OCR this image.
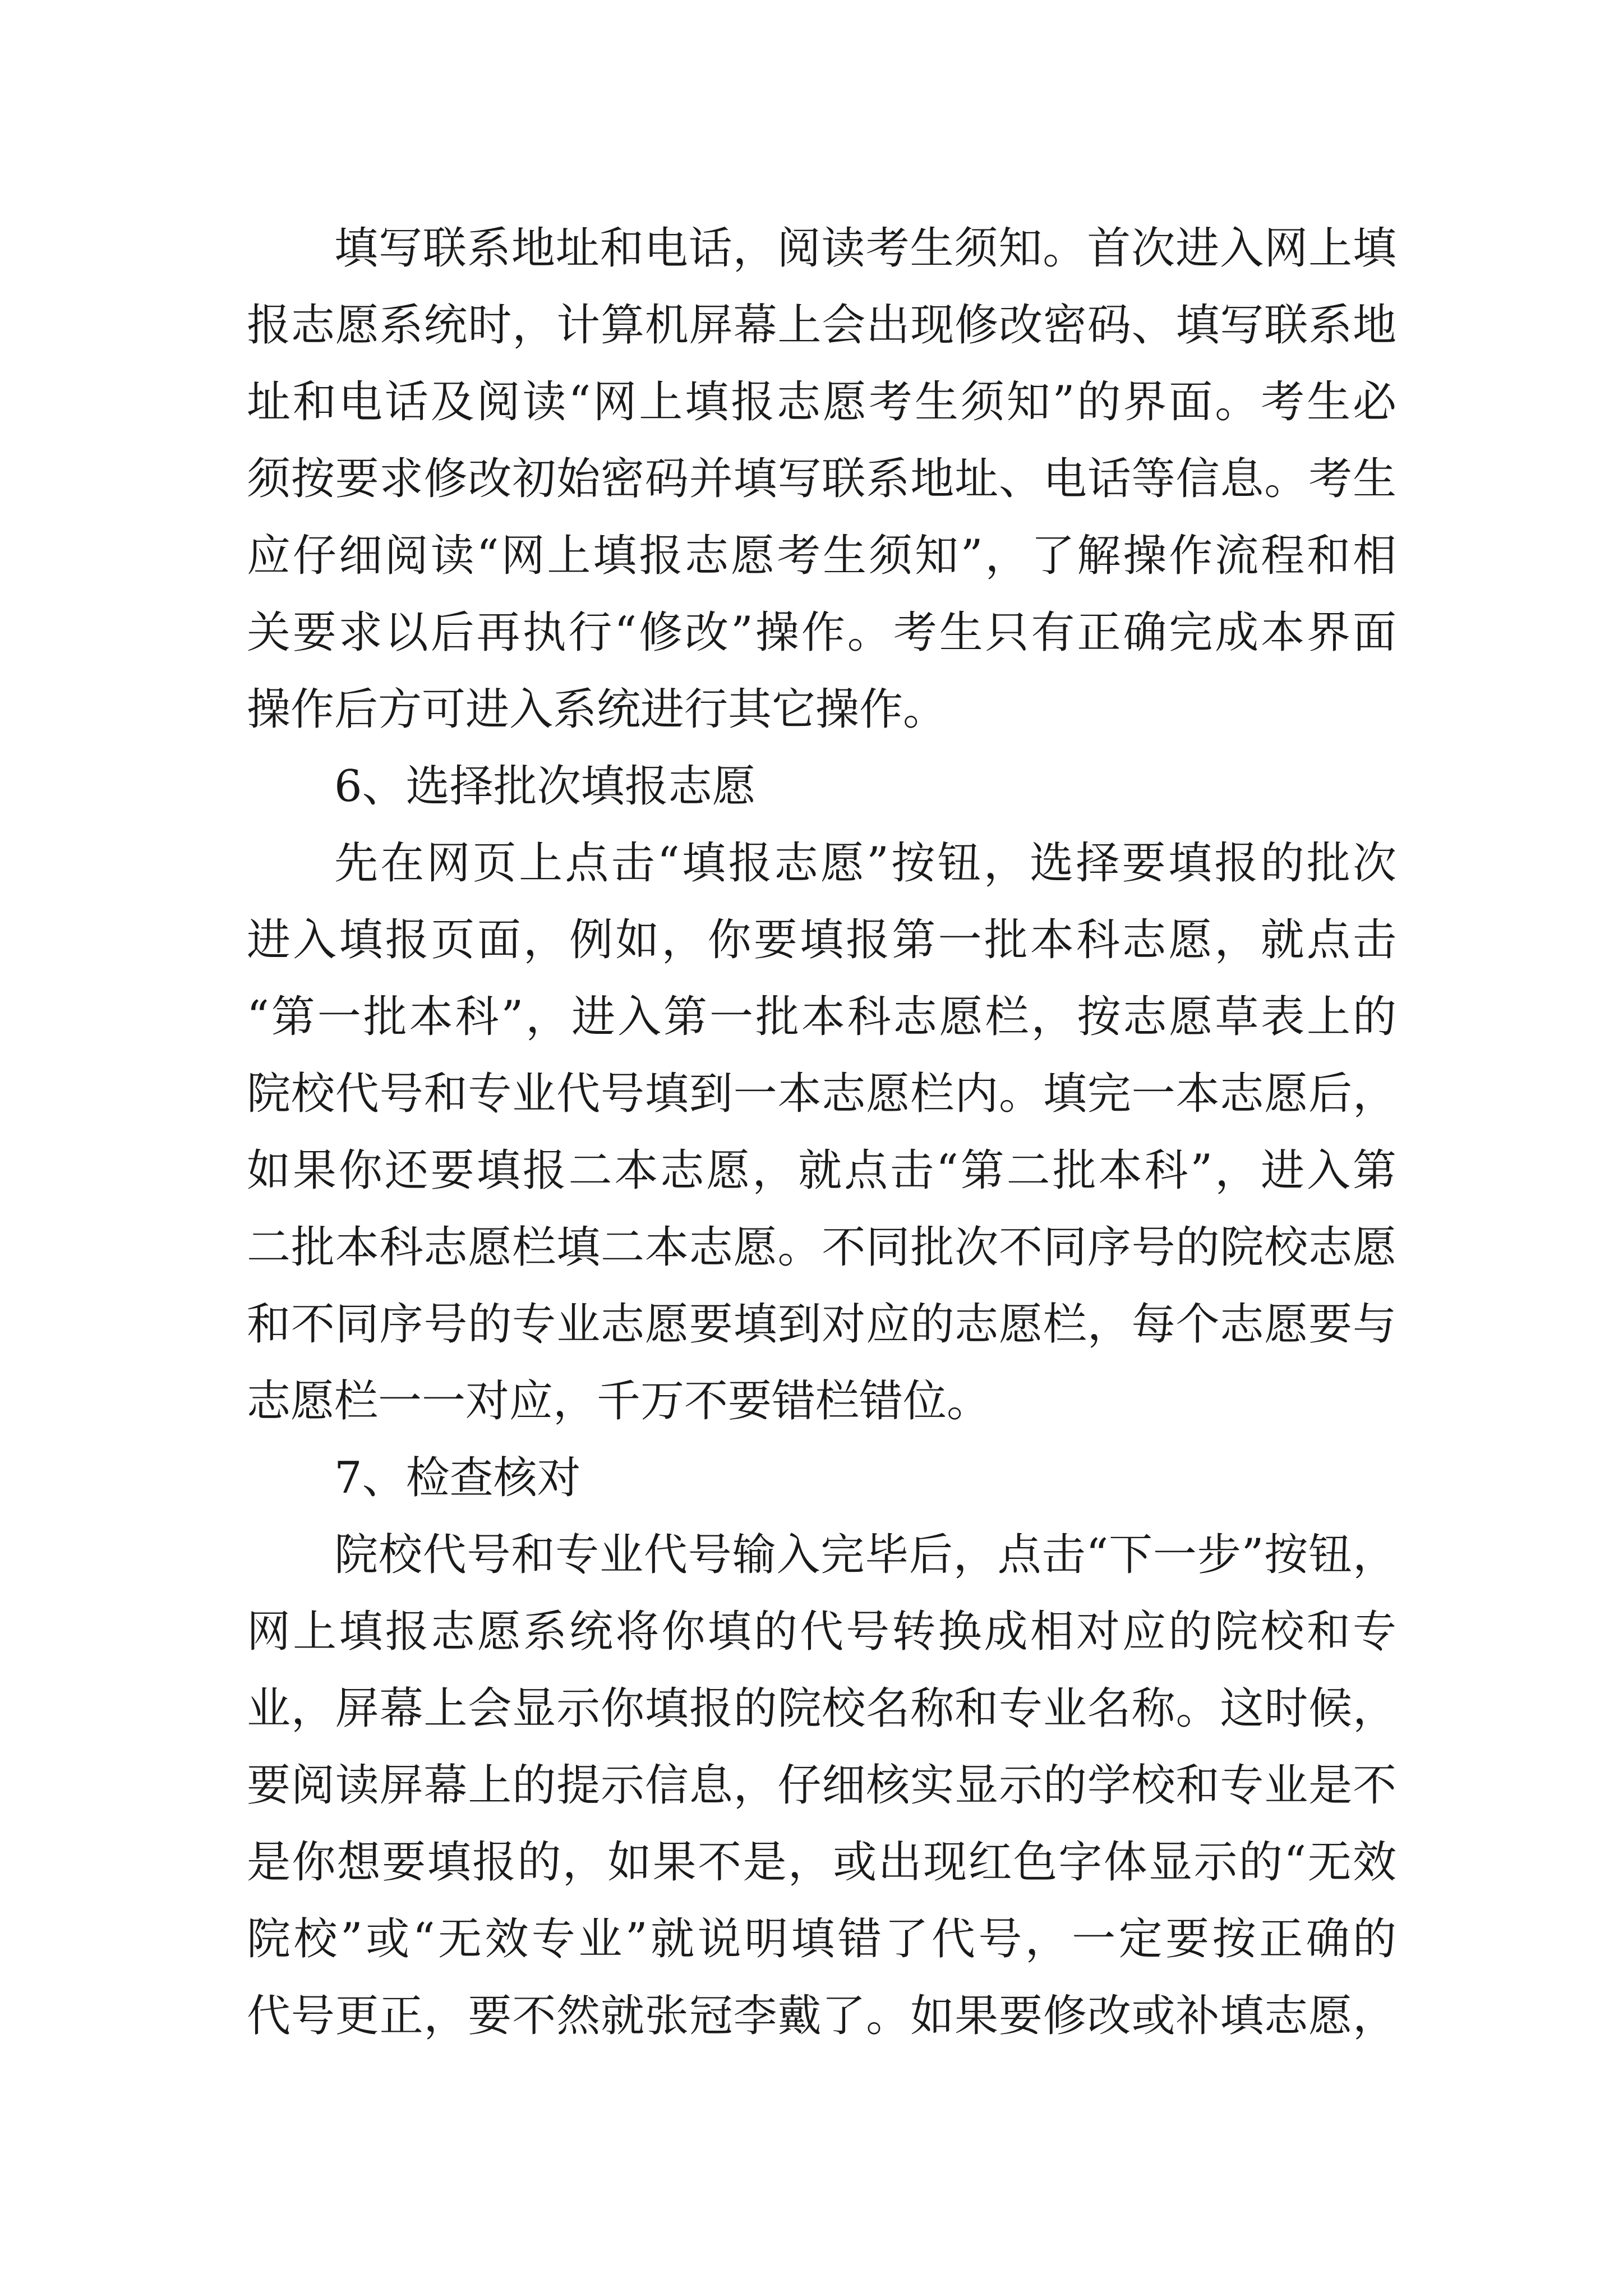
填写联系地址和电话，阅读考生须知。首次进入网上填
报志愿系统时，计算机屏幕上会出现修改密码、填写联系地
址和电话及阅读“网上填报志愿考生须知”的界面。考生必
须按要求修改初始密码并填写联系地址、电话等信息。考生
应仔细阅读“网上填报志愿考生须知”，了解操作流程和相
关要求以后再执行“修改”操作。考生只有正确完成本界面
操作后方可进入系统进行其它操作。
6、选择批次填报志愿
先在网页上点击“填报志愿”按钮，选择要填报的批次
进入填报页面，例如，你要填报第一批本科志愿，就点击
“第一批本科”，进入第一批本科志愿栏，按志愿草表上的
院校代号和专业代号填到一本志愿栏内。填完一本志愿后，
如果你还要填报二本志愿，就点击“第二批本科”，进入第
二批本科志愿栏填二本志愿。不同批次不同序号的院校志愿
和不同序号的专业志愿要填到对应的志愿栏，每个志愿要与
志愿栏一一对应，千万不要错栏错位。
7、检查核对
院校代号和专业代号输入完毕后，点击“下一步”按钮，
网上填报志愿系统将你填的代号转换成相对应的院校和专
业，屏幕上会显示你填报的院校名称和专业名称。这时候，
要阅读屏幕上的提示信息，仔细核实显示的学校和专业是不
是你想要填报的，如果不是，或出现红色字体显示的“无效
院校”或“无效专业”就说明填错了代号，一定要按正确的
代号更正，要不然就张冠李戴了。如果要修改或补填志愿，
